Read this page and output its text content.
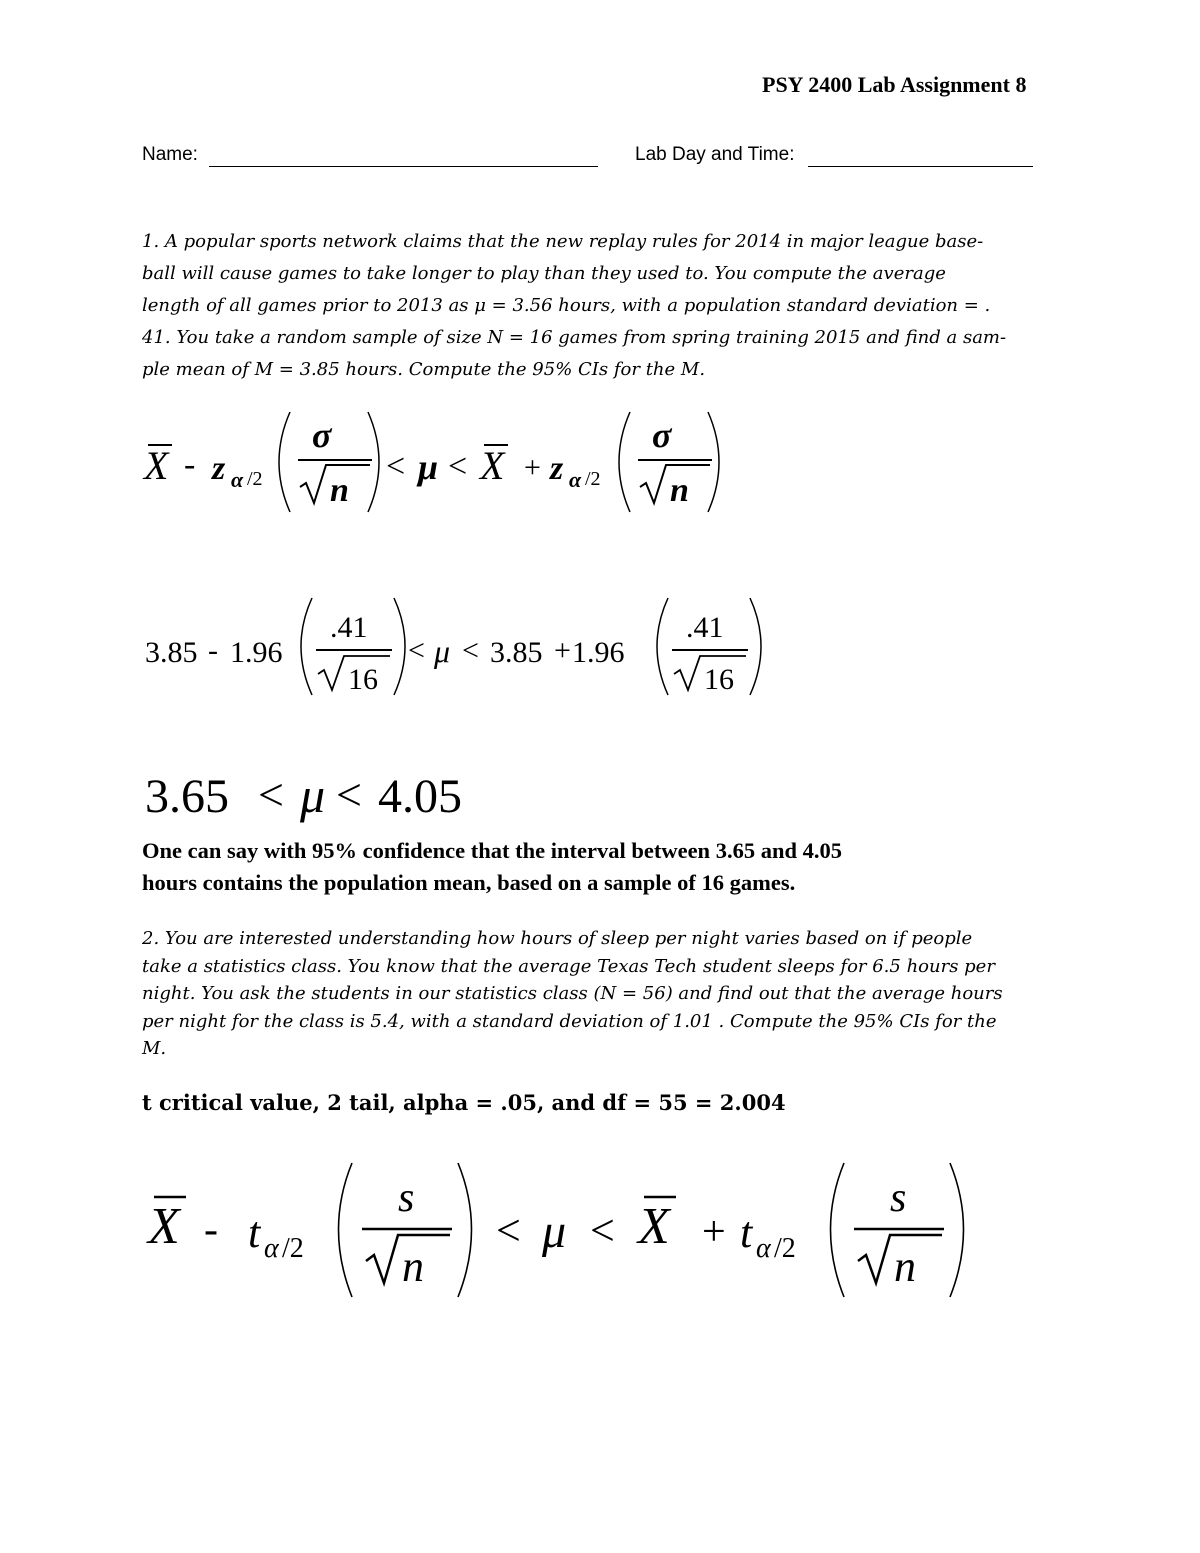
PSY 2400 Lab Assignment 8
Name:	Lab Day and Time:
1. A popular sports network claims that the new replay rules for 2014 in major league base-
ball will cause games to take longer to play than they used to. You compute the average
length of all games prior to 2013 as μ = 3.56 hours, with a population standard deviation = .
41. You take a random sample of size N = 16 games from spring training 2015 and find a sam-
ple mean of M = 3.85 hours. Compute the 95% CIs for the M.
X - z α /2
σ
n
< μ < X + z α /2
σ
n
3.85 - 1.96
.41
16
< μ < 3.85 + 1.96
.41
16
3.65 < μ < 4.05
One can say with 95% confidence that the interval between 3.65 and 4.05
hours contains the population mean, based on a sample of 16 games.
2. You are interested understanding how hours of sleep per night varies based on if people
take a statistics class. You know that the average Texas Tech student sleeps for 6.5 hours per
night. You ask the students in our statistics class (N = 56) and find out that the average hours
per night for the class is 5.4, with a standard deviation of 1.01 . Compute the 95% CIs for the
M.
t critical value, 2 tail, alpha = .05, and df = 55 = 2.004
X - t α /2
s
n
< μ < X + t α /2
s
n
